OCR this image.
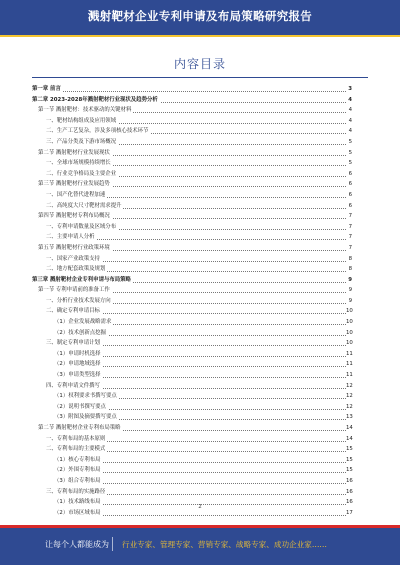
溅射靶材企业专利申请及布局策略研究报告
内容目录
第一章 前言	3
第二章 2023-2028年溅射靶材行业现状及趋势分析	4
第一节 溅射靶材：技术驱动的关键材料	4
一、靶材结构组成及应用领域	4
二、生产工艺复杂，涉及多项核心技术环节	4
三、产品分类及下游市场概况	5
第二节 溅射靶材行业发展现状	5
一、全球市场规模持续增长	5
二、行业竞争格局及主要企业	6
第三节 溅射靶材行业发展趋势	6
一、国产化替代进程加速	6
二、高纯度大尺寸靶材需求提升	6
第四节 溅射靶材专利布局概况	7
一、专利申请数量及区域分布	7
二、主要申请人分析	7
第五节 溅射靶材行业政策环境	7
一、国家产业政策支持	8
二、地方配套政策及规划	8
第三章 溅射靶材企业专利申请与布局策略	9
第一节 专利申请前的准备工作	9
一、分析行业技术发展方向	9
二、确定专利申请目标	10
（1）企业发展战略需求	10
（2）技术创新点挖掘	10
三、制定专利申请计划	10
（1）申请时机选择	11
（2）申请地域选择	11
（3）申请类型选择	11
四、专利申请文件撰写	12
（1）权利要求书撰写要点	12
（2）说明书撰写要点	12
（3）附图及摘要撰写要点	13
第二节 溅射靶材企业专利布局策略	14
一、专利布局的基本原则	14
二、专利布局的主要模式	15
（1）核心专利布局	15
（2）外围专利布局	15
（3）组合专利布局	16
三、专利布局的实施路径	16
（1）技术路线布局	16
（2）市场区域布局	17
2
让每个人都能成为 行业专家、管理专家、营销专家、战略专家、成功企业家……
